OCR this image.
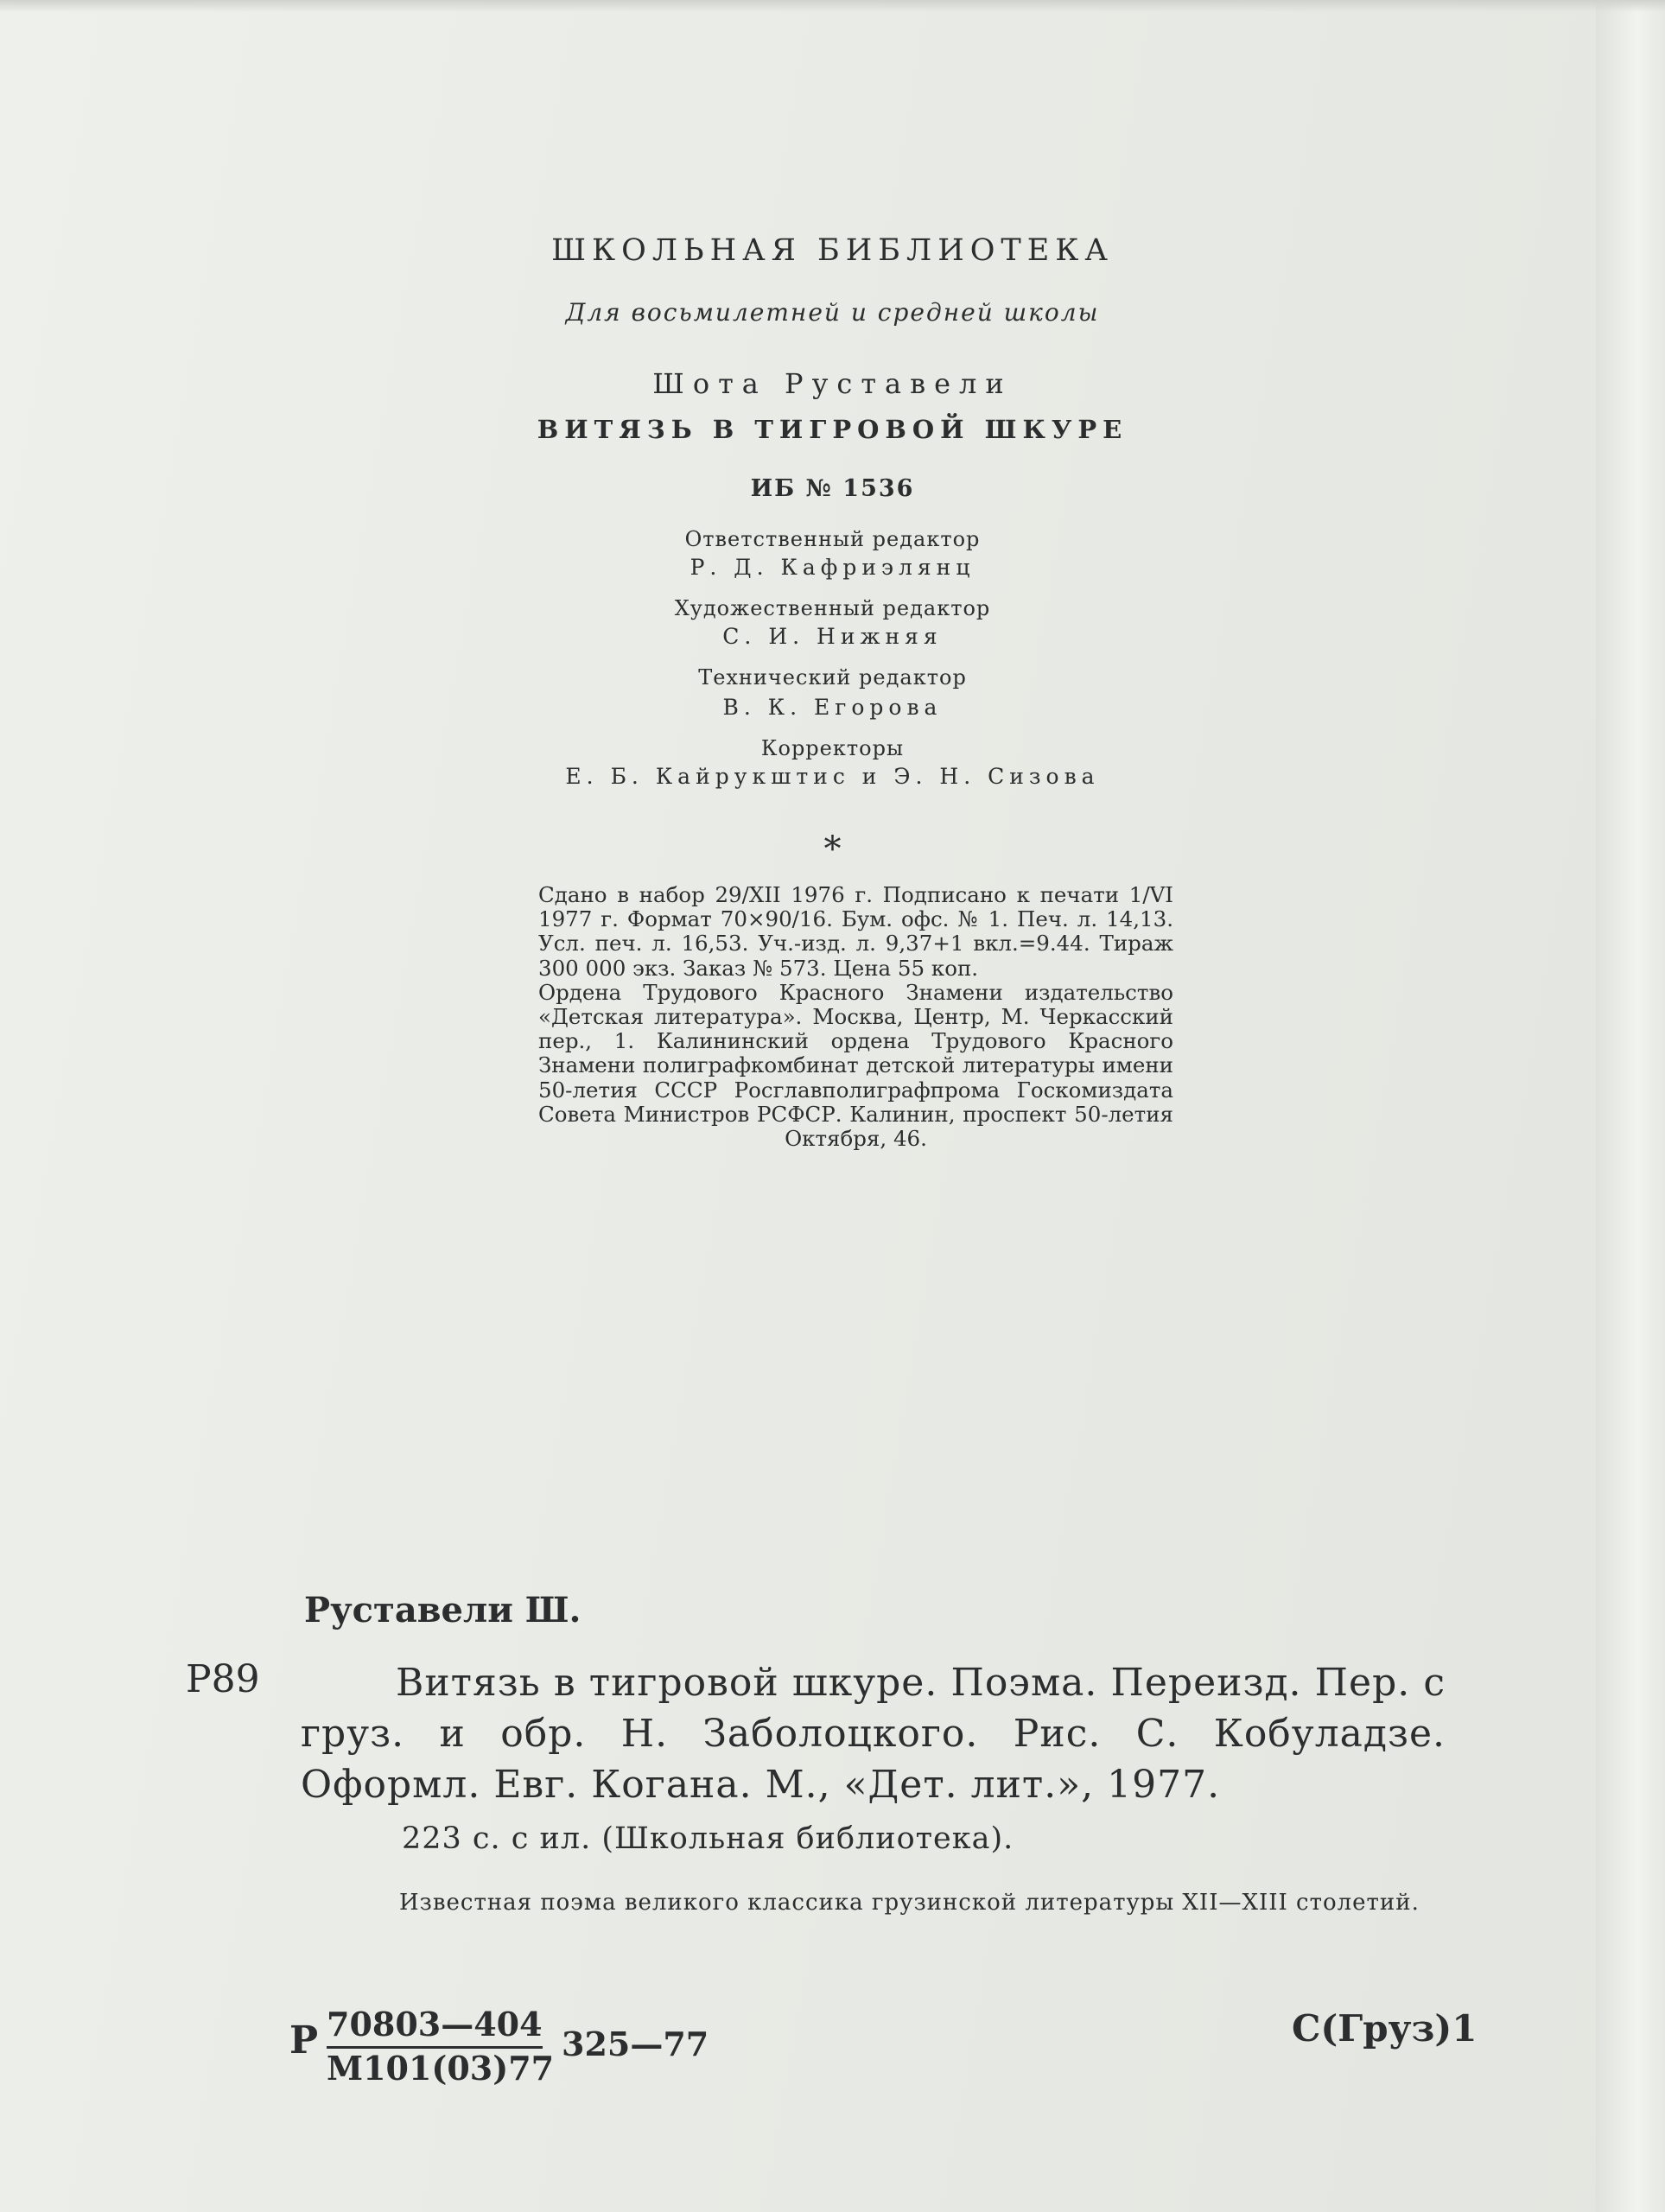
ШКОЛЬНАЯ БИБЛИОТЕКА
Для восьмилетней и средней школы
Шота Руставели
ВИТЯЗЬ В ТИГРОВОЙ ШКУРЕ
ИБ № 1536
Ответственный редактор
Р. Д. Кафриэлянц
Художественный редактор
С. И. Нижняя
Технический редактор
В. К. Егорова
Корректоры
Е. Б. Кайрукштис и Э. Н. Сизова
*

Сдано в набор 29/XII 1976 г. Подписано к печати 1/VI 1977 г. Формат 70×90/16. Бум. офс. № 1. Печ. л. 14,13. Усл. печ. л. 16,53. Уч.-изд. л. 9,37+1 вкл.=9.44. Тираж 300 000 экз. Заказ № 573. Цена 55 коп.

Ордена Трудового Красного Знамени издательство «Детская литература». Москва, Центр, М. Черкасский пер., 1. Калининский ордена Трудового Красного Знамени полиграфкомбинат детской литературы имени 50-летия СССР Росглавполиграфпрома Госкомиздата Совета Министров РСФСР. Калинин, проспект 50-летия Октября, 46.

Руставели Ш.
Р89	Витязь в тигровой шкуре. Поэма. Переизд. Пер. с груз. и обр. Н. Заболоцкого. Рис. С. Кобуладзе. Оформл. Евг. Когана. М., «Дет. лит.», 1977.
223 с. с ил. (Школьная библиотека).
Известная поэма великого классика грузинской литературы XII—XIII столетий.
Р 70803—404
М101(03)77
325—77	С(Груз)1
